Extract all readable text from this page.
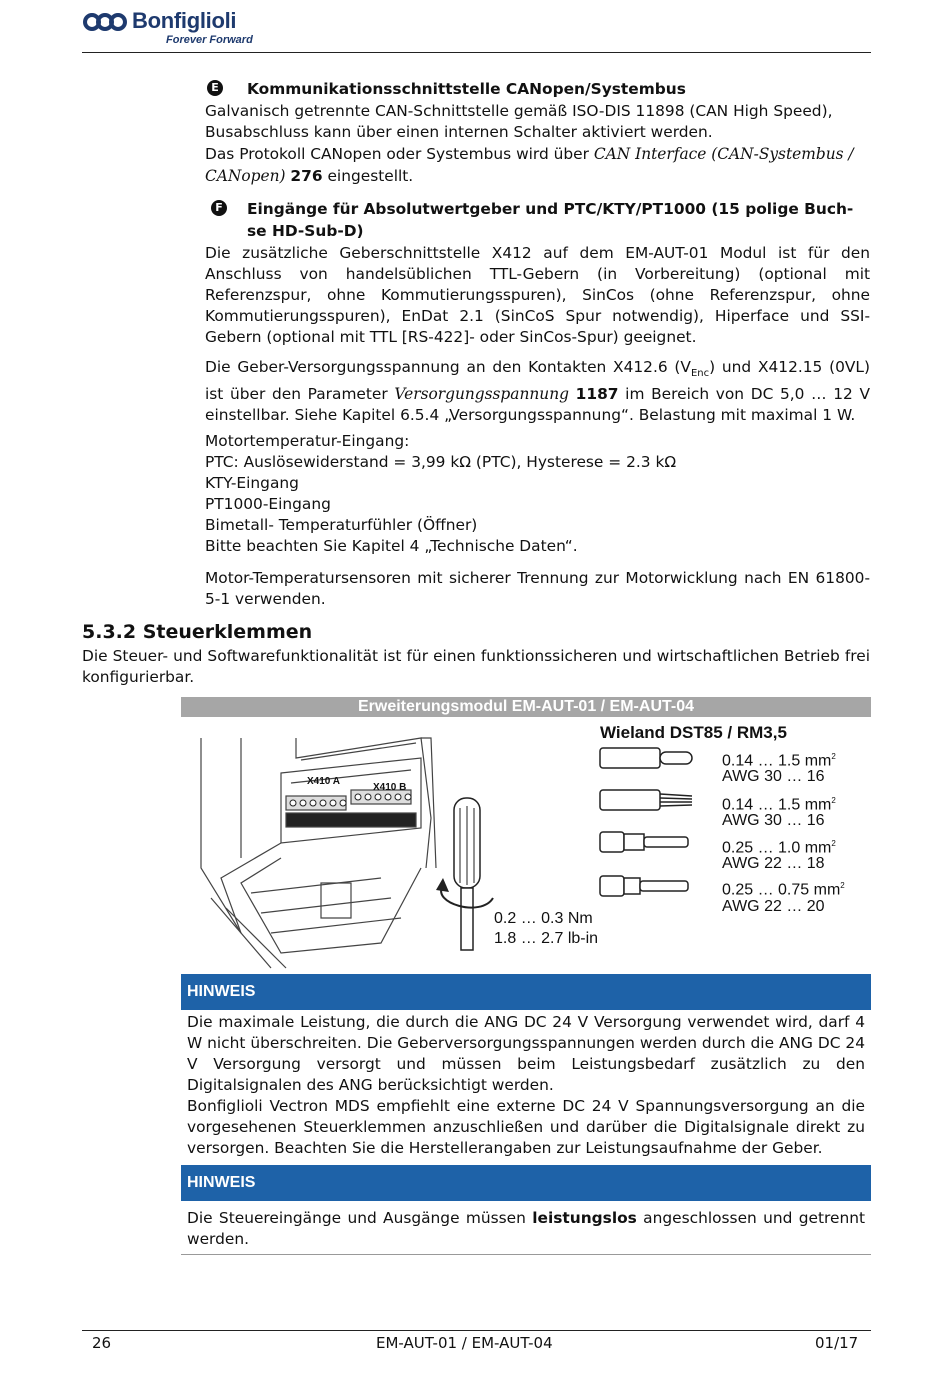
Bonfiglioli
Forever Forward
E Kommunikationsschnittstelle CANopen/Systembus
Galvanisch getrennte CAN-Schnittstelle gemäß ISO-DIS 11898 (CAN High Speed),
Busabschluss kann über einen internen Schalter aktiviert werden.
Das Protokoll CANopen oder Systembus wird über CAN Interface (CAN-Systembus /
CANopen) 276 eingestellt.
F Eingänge für Absolutwertgeber und PTC/KTY/PT1000 (15 polige Buch-
se HD-Sub-D)
Die zusätzliche Geberschnittstelle X412 auf dem EM-AUT-01 Modul ist für den Anschluss von handelsüblichen TTL-Gebern (in Vorbereitung) (optional mit Referenzspur, ohne Kommutierungsspuren), SinCos (ohne Referenzspur, ohne Kommutierungsspuren), EnDat 2.1 (SinCoS Spur notwendig), Hiperface und SSI-Gebern (optional mit TTL [RS-422]- oder SinCos-Spur) geeignet.
Die Geber-Versorgungsspannung an den Kontakten X412.6 $(V_{Enc})$ und X412.15 (0VL) ist über den Parameter Versorgungsspannung 1187 im Bereich von DC 5,0 … 12 V einstellbar. Siehe Kapitel 6.5.4 „Versorgungsspannung“. Belastung mit maximal 1 W.
Motortemperatur-Eingang:
PTC: Auslösewiderstand = 3,99 kΩ (PTC), Hysterese = 2.3 kΩ
KTY-Eingang
PT1000-Eingang
Bimetall- Temperaturfühler (Öffner)
Bitte beachten Sie Kapitel 4 „Technische Daten“.
Motor-Temperatursensoren mit sicherer Trennung zur Motorwicklung nach EN 61800-5-1 verwenden.
5.3.2 Steuerklemmen
Die Steuer- und Softwarefunktionalität ist für einen funktionssicheren und wirtschaftlichen Betrieb frei konfigurierbar.
Erweiterungsmodul EM-AUT-01 / EM-AUT-04
X410 A
X410 B
0.2 … 0.3 Nm
1.8 … 2.7 lb-in
Wieland DST85 / RM3,5
0.14 … 1.5 $mm^2$
AWG 30 … 16
0.14 … 1.5 $mm^2$
AWG 30 … 16
0.25 … 1.0 $mm^2$
AWG 22 … 18
0.25 … 0.75 $mm^2$
AWG 22 … 20
HINWEIS
Die maximale Leistung, die durch die ANG DC 24 V Versorgung verwendet wird, darf 4 W nicht überschreiten. Die Geberversorgungsspannungen werden durch die ANG DC 24 V Versorgung versorgt und müssen beim Leistungsbedarf zusätzlich zu den Digitalsignalen des ANG berücksichtigt werden.
Bonfiglioli Vectron MDS empfiehlt eine externe DC 24 V Spannungsversorgung an die vorgesehenen Steuerklemmen anzuschließen und darüber die Digitalsignale direkt zu versorgen. Beachten Sie die Herstellerangaben zur Leistungsaufnahme der Geber.
HINWEIS
Die Steuereingänge und Ausgänge müssen leistungslos angeschlossen und getrennt werden.
26	EM-AUT-01 / EM-AUT-04	01/17
